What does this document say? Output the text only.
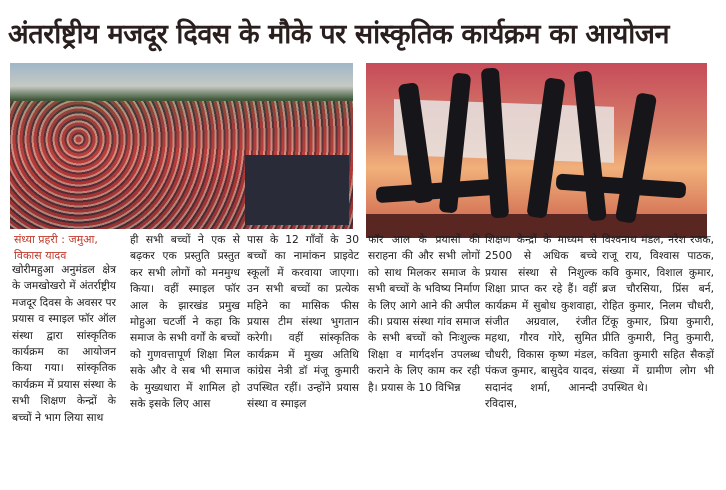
अंतर्राष्ट्रीय मजदूर दिवस के मौके पर सांस्कृतिक कार्यक्रम का आयोजन
संध्या प्रहरी : जमुआ, विकास यादव

खोरीमहुआ अनुमंडल क्षेत्र के जमखोखरो में अंतर्राष्ट्रीय मजदूर दिवस के अवसर पर प्रयास व स्माइल फॉर ऑल संस्था द्वारा सांस्कृतिक कार्यक्रम का आयोजन किया गया। सांस्कृतिक कार्यक्रम में प्रयास संस्था के सभी शिक्षण केन्द्रों के बच्चों ने भाग लिया साथ

ही सभी बच्चों ने एक से बढ़कर एक प्रस्तुति प्रस्तुत कर सभी लोगों को मनमुग्ध किया। वहीं स्माइल फॉर आल के झारखंड प्रमुख मोहुआ चटर्जी ने कहा कि समाज के सभी वर्गों के बच्चों को गुणवत्तापूर्ण शिक्षा मिल सके और वे सब भी समाज के मुख्यधारा में शामिल हो सके इसके लिए आस

पास के 12 गाँवों के 30 बच्चों का नामांकन प्राइवेट स्कूलों में करवाया जाएगा। उन सभी बच्चों का प्रत्येक महिने का मासिक फीस प्रयास टीम संस्था भुगतान करेगी। वहीं सांस्कृतिक कार्यक्रम में मुख्य अतिथि कांग्रेस नेत्री डॉ मंजू कुमारी उपस्थित रहीं। उन्होंने प्रयास संस्था व स्माइल

फॉर आल के प्रयासों की सराहना की और सभी लोगों को साथ मिलकर समाज के सभी बच्चों के भविष्य निर्माण के लिए आगे आने की अपील की। प्रयास संस्था गांव समाज के सभी बच्चों को निःशुल्क शिक्षा व मार्गदर्शन उपलब्ध कराने के लिए काम कर रही है। प्रयास के 10 विभिन्न

शिक्षण केन्द्रों के माध्यम से 2500 से अधिक बच्चे प्रयास संस्था से निशुल्क शिक्षा प्राप्त कर रहे हैं। वहीं कार्यक्रम में सुबोध कुशवाहा, संजीत अग्रवाल, रंजीत महथा, गौरव गोरे, सुमित चौधरी, विकास कृष्ण मंडल, पंकज कुमार, बासुदेव यादव, सदानंद शर्मा, आनन्दी रविदास,

विश्वनाथ मंडल, नरेश रजक, राजू राय, विश्वास पाठक, कवि कुमार, विशाल कुमार, ब्रज चौरसिया, प्रिंस बर्न, रोहित कुमार, निलम चौधरी, टिंकू कुमार, प्रिया कुमारी, प्रीति कुमारी, नितु कुमारी, कविता कुमारी सहित सैकड़ों संख्या में ग्रामीण लोग भी उपस्थित थे।
